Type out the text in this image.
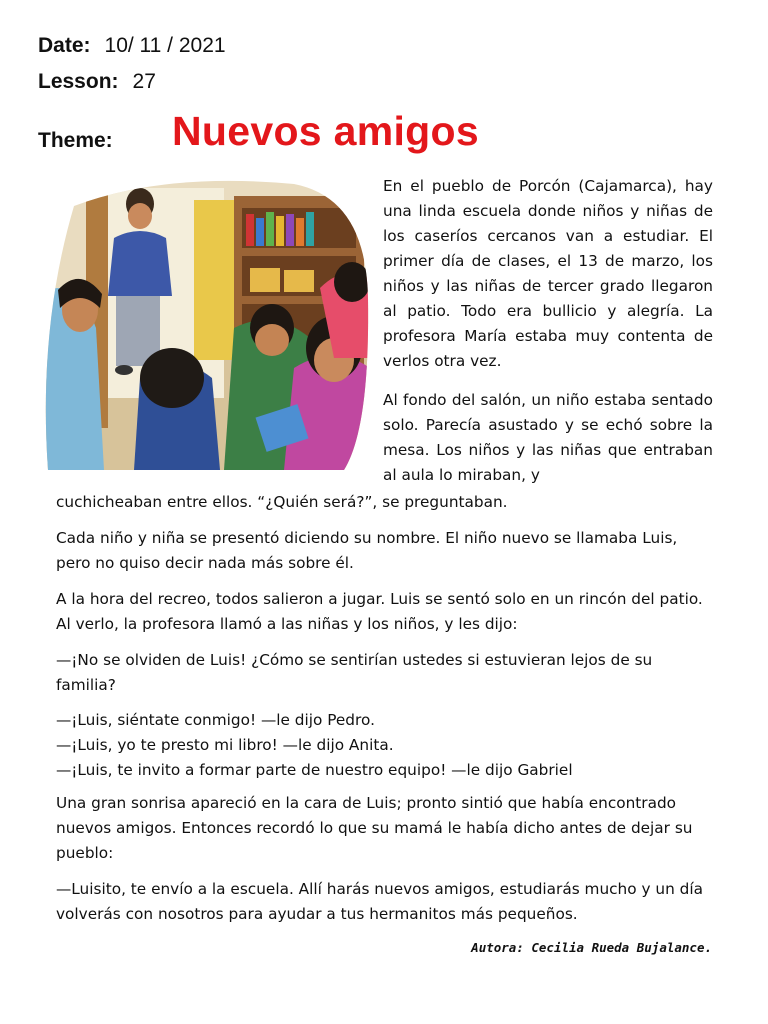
Date: 10/ 11 / 2021
Lesson: 27
Theme: Nuevos amigos

En el pueblo de Porcón (Cajamarca), hay una linda escuela donde niños y niñas de los caseríos cercanos van a estudiar. El primer día de clases, el 13 de marzo, los niños y las niñas de tercer grado llegaron al patio. Todo era bullicio y alegría. La profesora María estaba muy contenta de verlos otra vez.

Al fondo del salón, un niño estaba sentado solo. Parecía asustado y se echó sobre la mesa. Los niños y las niñas que entraban al aula lo miraban, y

cuchicheaban entre ellos. “¿Quién será?”, se preguntaban.

Cada niño y niña se presentó diciendo su nombre. El niño nuevo se llamaba Luis, pero no quiso decir nada más sobre él.

A la hora del recreo, todos salieron a jugar. Luis se sentó solo en un rincón del patio. Al verlo, la profesora llamó a las niñas y los niños, y les dijo:

—¡No se olviden de Luis! ¿Cómo se sentirían ustedes si estuvieran lejos de su familia?

—¡Luis, siéntate conmigo! —le dijo Pedro.
—¡Luis, yo te presto mi libro! —le dijo Anita.
—¡Luis, te invito a formar parte de nuestro equipo! —le dijo Gabriel

Una gran sonrisa apareció en la cara de Luis; pronto sintió que había encontrado nuevos amigos. Entonces recordó lo que su mamá le había dicho antes de dejar su pueblo:

—Luisito, te envío a la escuela. Allí harás nuevos amigos, estudiarás mucho y un día volverás con nosotros para ayudar a tus hermanitos más pequeños.

Autora: Cecilia Rueda Bujalance.
